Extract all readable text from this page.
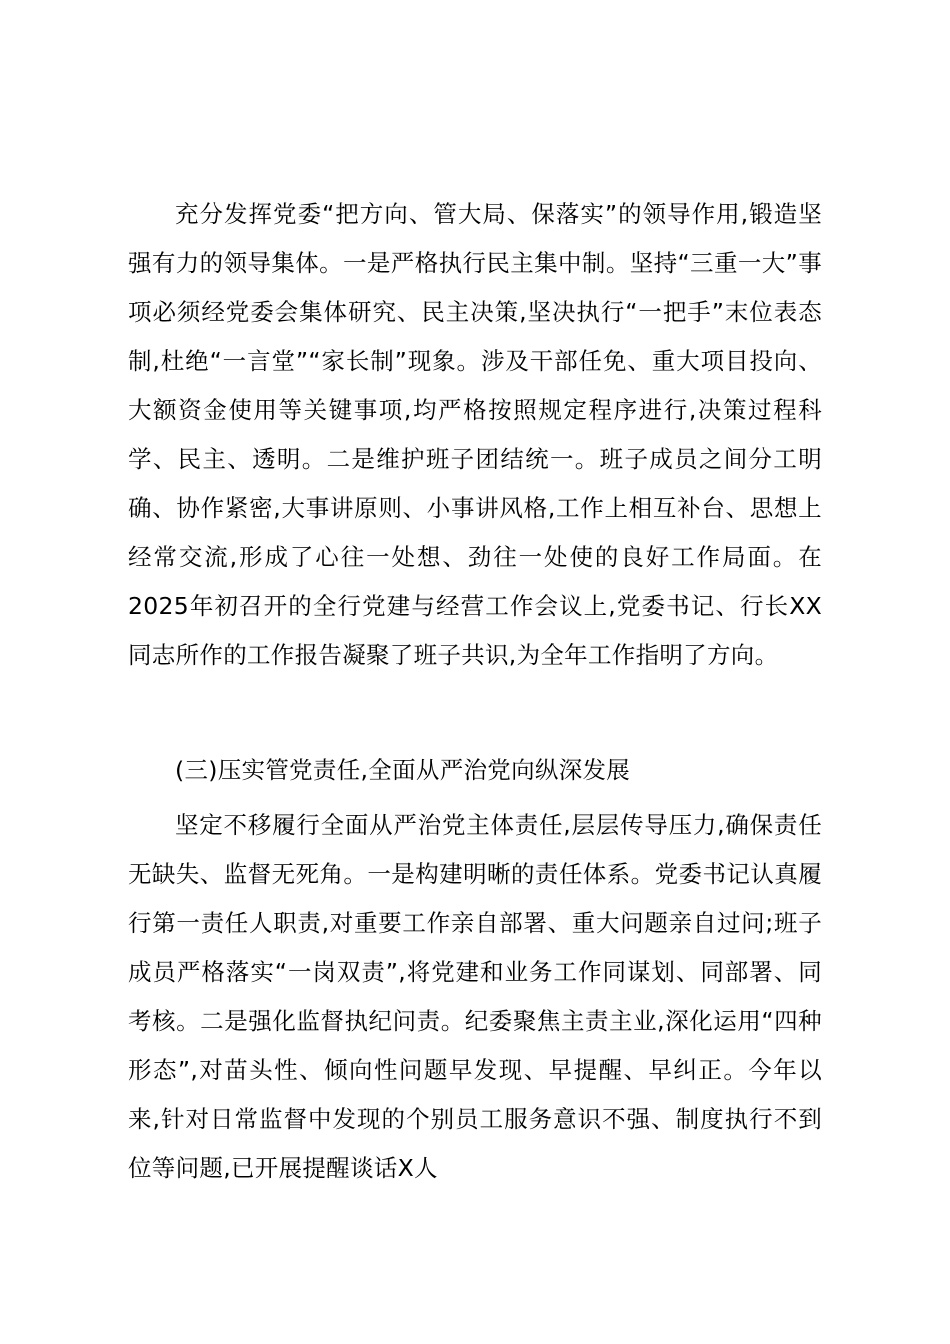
充分发挥党委“把方向、管大局、保落实”的领导作用,锻造坚强有力的领导集体。一是严格执行民主集中制。坚持“三重一大”事项必须经党委会集体研究、民主决策,坚决执行“一把手”末位表态制,杜绝“一言堂”“家长制”现象。涉及干部任免、重大项目投向、大额资金使用等关键事项,均严格按照规定程序进行,决策过程科学、民主、透明。二是维护班子团结统一。班子成员之间分工明确、协作紧密,大事讲原则、小事讲风格,工作上相互补台、思想上经常交流,形成了心往一处想、劲往一处使的良好工作局面。在2025年初召开的全行党建与经营工作会议上,党委书记、行长XX同志所作的工作报告凝聚了班子共识,为全年工作指明了方向。

(三)压实管党责任,全面从严治党向纵深发展

坚定不移履行全面从严治党主体责任,层层传导压力,确保责任无缺失、监督无死角。一是构建明晰的责任体系。党委书记认真履行第一责任人职责,对重要工作亲自部署、重大问题亲自过问;班子成员严格落实“一岗双责”,将党建和业务工作同谋划、同部署、同考核。二是强化监督执纪问责。纪委聚焦主责主业,深化运用“四种形态”,对苗头性、倾向性问题早发现、早提醒、早纠正。今年以来,针对日常监督中发现的个别员工服务意识不强、制度执行不到位等问题,已开展提醒谈话X人
